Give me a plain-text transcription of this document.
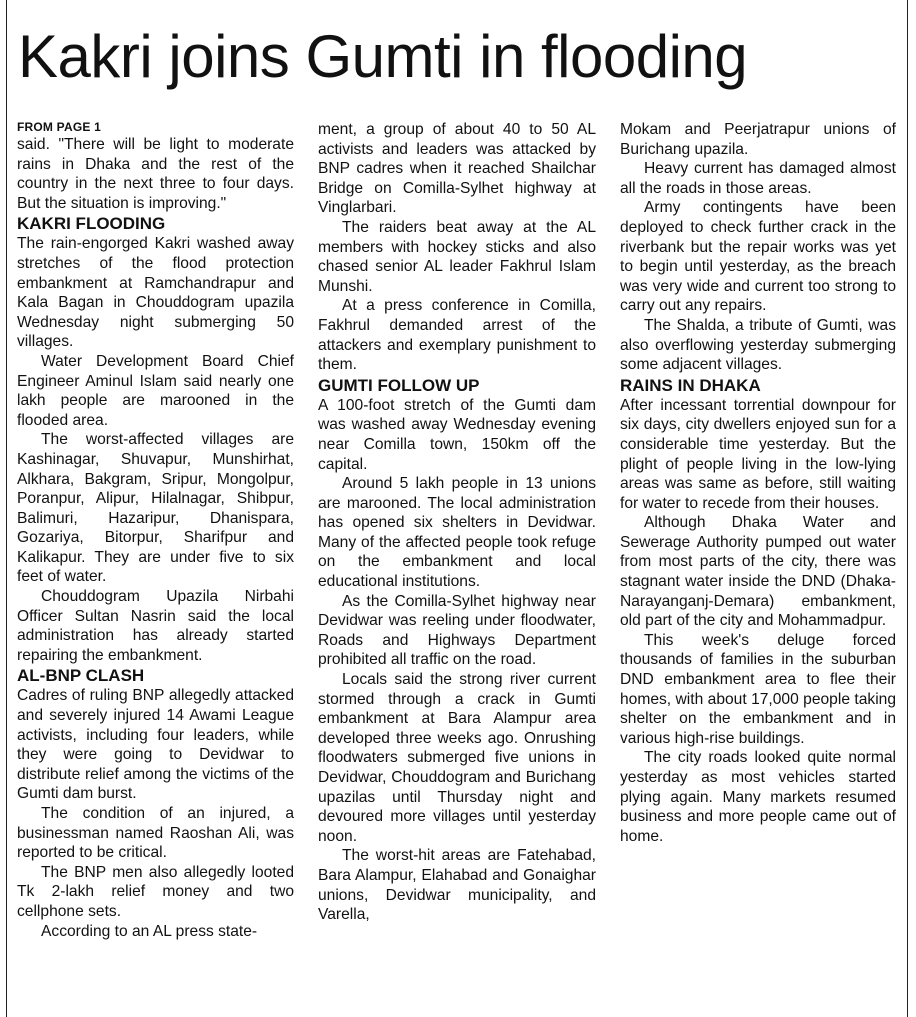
Kakri joins Gumti in flooding
FROM PAGE 1

said. "There will be light to moderate rains in Dhaka and the rest of the country in the next three to four days. But the situation is improving."

KAKRI FLOODING

The rain-engorged Kakri washed away stretches of the flood protection embankment at Ramchandrapur and Kala Bagan in Chouddogram upazila Wednesday night submerging 50 villages.

Water Development Board Chief Engineer Aminul Islam said nearly one lakh people are marooned in the flooded area.

The worst-affected villages are Kashinagar, Shuvapur, Munshirhat, Alkhara, Bakgram, Sripur, Mongolpur, Poranpur, Alipur, Hilalnagar, Shibpur, Balimuri, Hazaripur, Dhanispara, Gozariya, Bitorpur, Sharifpur and Kalikapur. They are under five to six feet of water.

Chouddogram Upazila Nirbahi Officer Sultan Nasrin said the local administration has already started repairing the embankment.

AL-BNP CLASH

Cadres of ruling BNP allegedly attacked and severely injured 14 Awami League activists, including four leaders, while they were going to Devidwar to distribute relief among the victims of the Gumti dam burst.

The condition of an injured, a businessman named Raoshan Ali, was reported to be critical.

The BNP men also allegedly looted Tk 2-lakh relief money and two cellphone sets.

According to an AL press state-

ment, a group of about 40 to 50 AL activists and leaders was attacked by BNP cadres when it reached Shailchar Bridge on Comilla-Sylhet highway at Vinglarbari.

The raiders beat away at the AL members with hockey sticks and also chased senior AL leader Fakhrul Islam Munshi.

At a press conference in Comilla, Fakhrul demanded arrest of the attackers and exemplary punishment to them.

GUMTI FOLLOW UP

A 100-foot stretch of the Gumti dam was washed away Wednesday evening near Comilla town, 150km off the capital.

Around 5 lakh people in 13 unions are marooned. The local administration has opened six shelters in Devidwar. Many of the affected people took refuge on the embankment and local educational institutions.

As the Comilla-Sylhet highway near Devidwar was reeling under floodwater, Roads and Highways Department prohibited all traffic on the road.

Locals said the strong river current stormed through a crack in Gumti embankment at Bara Alampur area developed three weeks ago. Onrushing floodwaters submerged five unions in Devidwar, Chouddogram and Burichang upazilas until Thursday night and devoured more villages until yesterday noon.

The worst-hit areas are Fatehabad, Bara Alampur, Elahabad and Gonaighar unions, Devidwar municipality, and Varella,

Mokam and Peerjatrapur unions of Burichang upazila.

Heavy current has damaged almost all the roads in those areas.

Army contingents have been deployed to check further crack in the riverbank but the repair works was yet to begin until yesterday, as the breach was very wide and current too strong to carry out any repairs.

The Shalda, a tribute of Gumti, was also overflowing yesterday submerging some adjacent villages.

RAINS IN DHAKA

After incessant torrential downpour for six days, city dwellers enjoyed sun for a considerable time yesterday. But the plight of people living in the low-lying areas was same as before, still waiting for water to recede from their houses.

Although Dhaka Water and Sewerage Authority pumped out water from most parts of the city, there was stagnant water inside the DND (Dhaka-Narayanganj-Demara) embankment, old part of the city and Mohammadpur.

This week's deluge forced thousands of families in the suburban DND embankment area to flee their homes, with about 17,000 people taking shelter on the embankment and in various high-rise buildings.

The city roads looked quite normal yesterday as most vehicles started plying again. Many markets resumed business and more people came out of home.
